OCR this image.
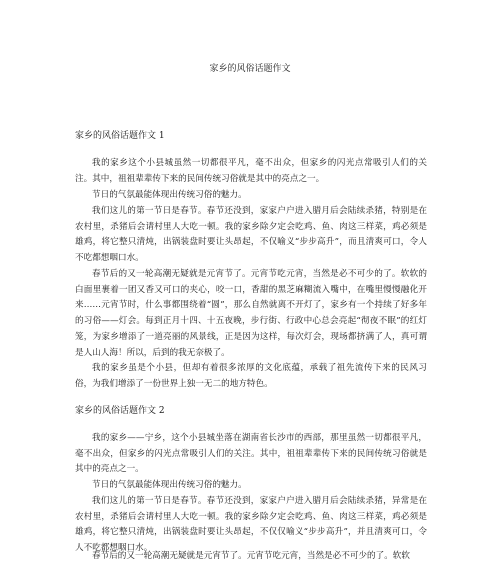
家乡的风俗话题作文
家乡的风俗话题作文 1

我的家乡这个小县城虽然一切都很平凡，毫不出众，但家乡的闪光点常吸引人们的关注。其中，祖祖辈辈传下来的民间传统习俗就是其中的亮点之一。

节日的气氛最能体现出传统习俗的魅力。

我们这儿的第一节日是春节。春节还没到，家家户户进入腊月后会陆续杀猪，特别是在农村里，杀猪后会请村里人大吃一顿。我的家乡除夕定会吃鸡、鱼、肉这三样菜，鸡必须是雄鸡，将它整只清炖，出锅装盘时要让头昂起，不仅喻义“步步高升”，而且清爽可口，令人不吃都想咽口水。

春节后的又一轮高潮无疑就是元宵节了。元宵节吃元宵，当然是必不可少的了。软软的白面里裹着一团又香又可口的夹心，咬一口，香甜的黑芝麻糊流入嘴中，在嘴里慢慢融化开来……元宵节时，什么事都围绕着“圆”，那么自然就离不开灯了，家乡有一个持续了好多年的习俗——灯会。每到正月十四、十五夜晚，步行街、行政中心总会亮起“彻夜不眠”的红灯笼，为家乡增添了一道亮丽的风景线，正是因为这样，每次灯会，现场都挤满了人，真可谓是人山人海！所以，后到的我无奈极了。

我的家乡虽是个小县，但却有着很多浓厚的文化底蕴，承载了祖先流传下来的民风习俗，为我们增添了一份世界上独一无二的地方特色。

家乡的风俗话题作文 2

我的家乡——宁乡，这个小县城坐落在湖南省长沙市的西部，那里虽然一切都很平凡，毫不出众，但家乡的闪光点常吸引人们的关注。其中，祖祖辈辈传下来的民间传统习俗就是其中的亮点之一。

节日的气氛最能体现出传统习俗的魅力。

我们这儿的第一节日是春节。春节还没到，家家户户进入腊月后会陆续杀猪，异常是在农村里，杀猪后会请村里人大吃一顿。我的家乡除夕定会吃鸡、鱼、肉这三样菜，鸡必须是雄鸡，将它整只清炖，出锅装盘时要让头昂起，不仅仅喻义“步步高升”，并且清爽可口，令人不吃都想咽口水。

春节后的又一轮高潮无疑就是元宵节了。元宵节吃元宵，当然是必不可少的了。软软
